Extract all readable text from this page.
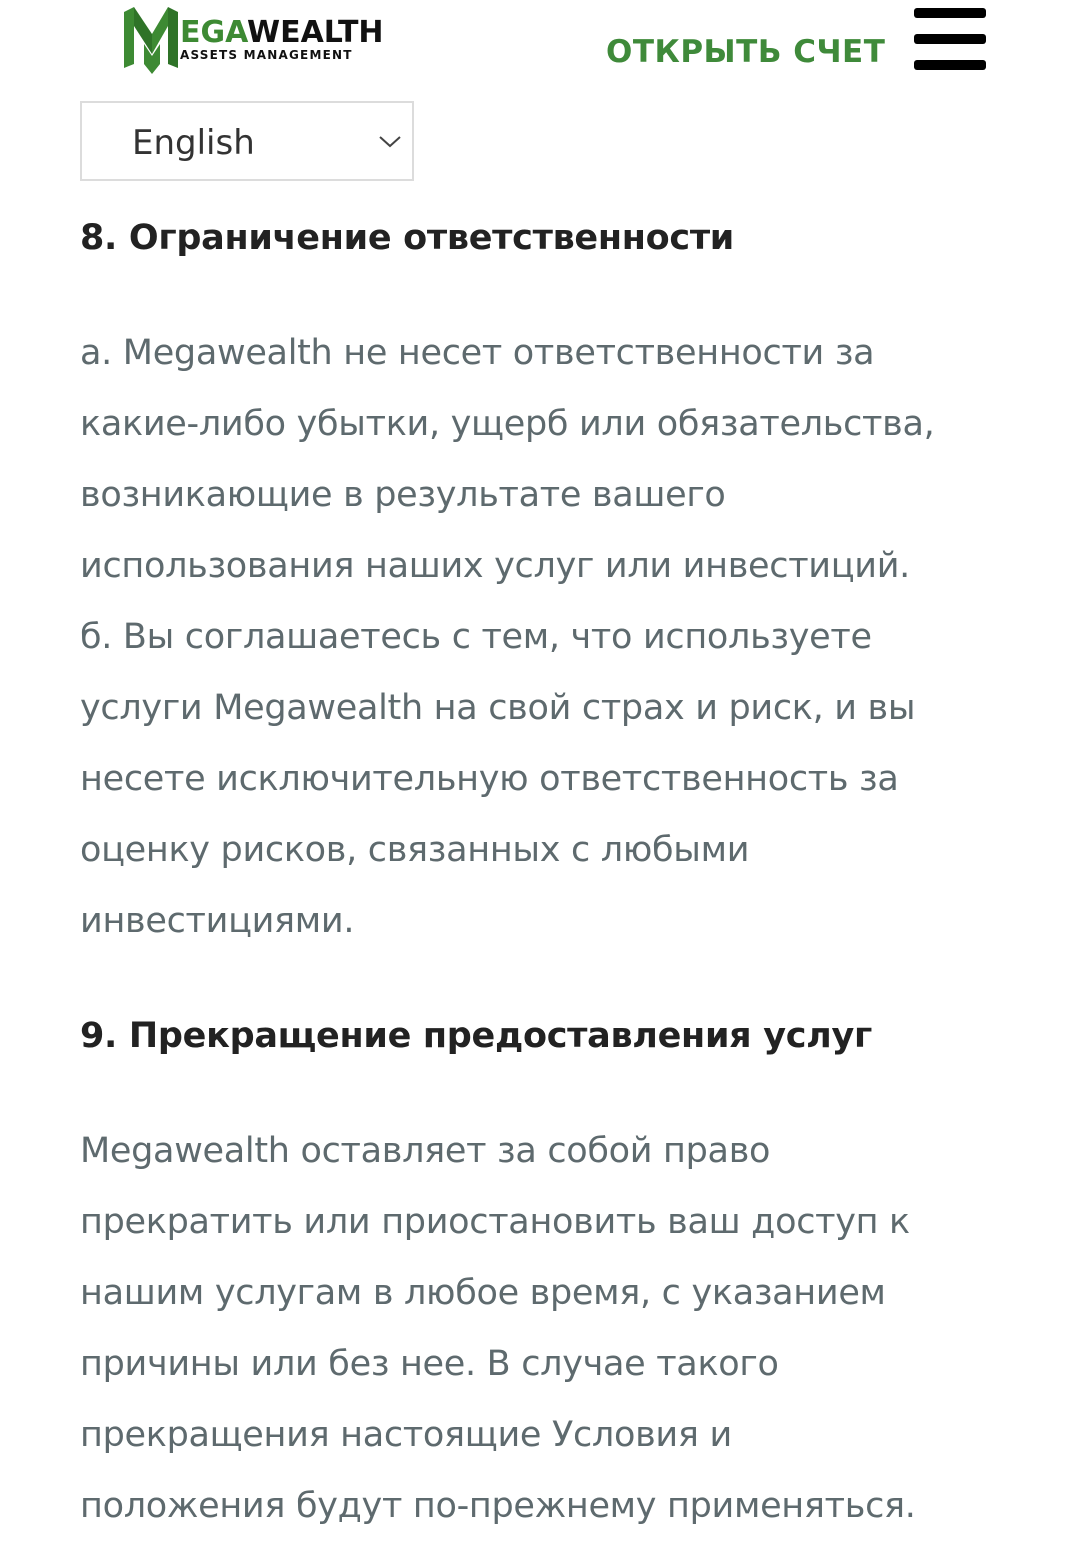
EGAWEALTH
ASSETS MANAGEMENT	ОТКРЫТЬ СЧЕТ
English
8. Ограничение ответственности

а. Megawealth не несет ответственности за
какие-либо убытки, ущерб или обязательства,
возникающие в результате вашего
использования наших услуг или инвестиций.
б. Вы соглашаетесь с тем, что используете
услуги Megawealth на свой страх и риск, и вы
несете исключительную ответственность за
оценку рисков, связанных с любыми
инвестициями.

9. Прекращение предоставления услуг

Megawealth оставляет за собой право
прекратить или приостановить ваш доступ к
нашим услугам в любое время, с указанием
причины или без нее. В случае такого
прекращения настоящие Условия и
положения будут по-прежнему применяться.
